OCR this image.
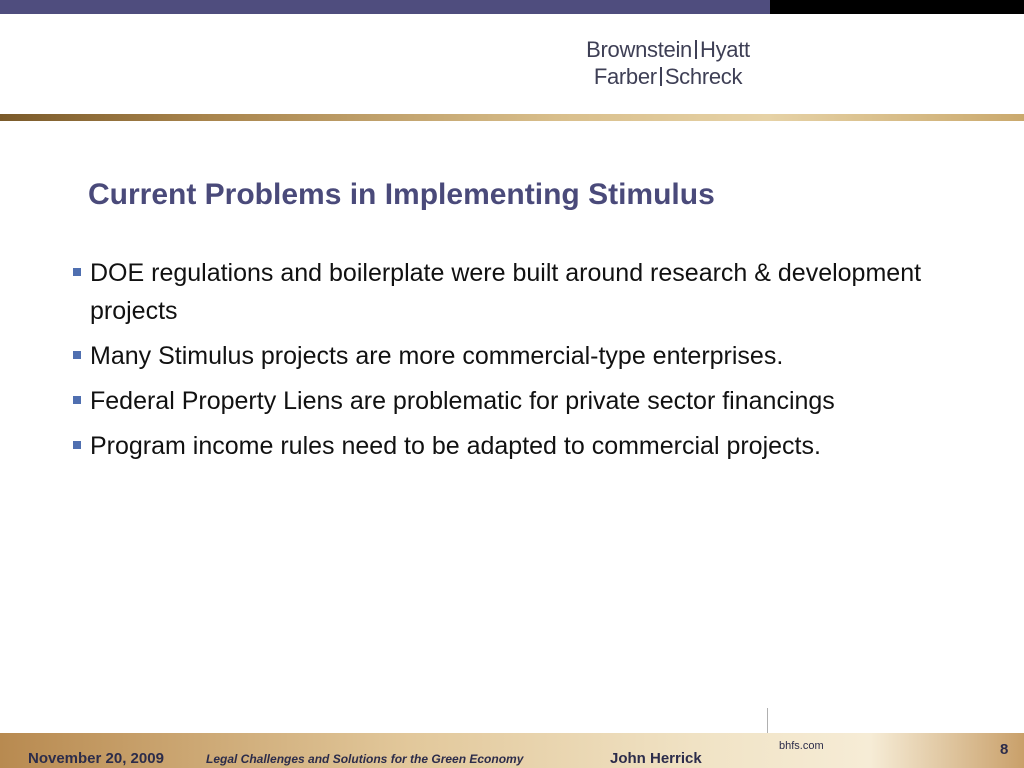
Brownstein Hyatt
Farber Schreck
Current Problems in Implementing Stimulus
DOE regulations and boilerplate were built around research & development projects
Many Stimulus projects are more commercial-type enterprises.
Federal Property Liens are problematic for private sector financings
Program income rules need to be adapted to commercial projects.
November 20, 2009	Legal Challenges and Solutions for the Green Economy	John Herrick
bhfs.com	8
